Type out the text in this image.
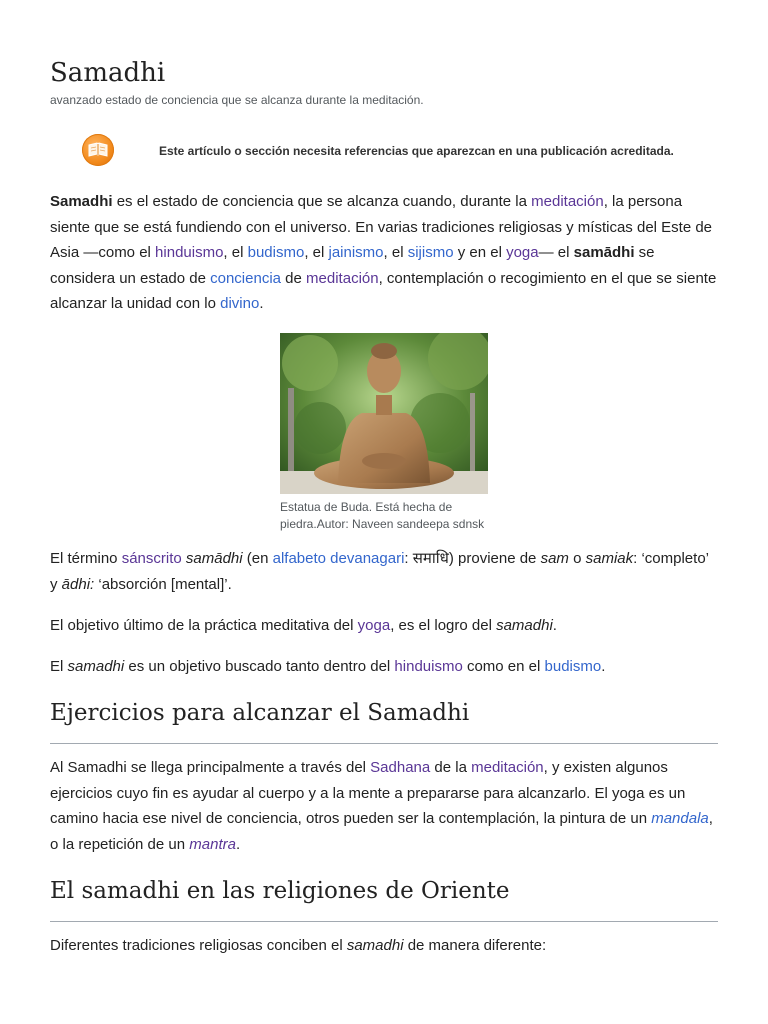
Samadhi
avanzado estado de conciencia que se alcanza durante la meditación.
Este artículo o sección necesita referencias que aparezcan en una publicación acreditada.

Samadhi es el estado de conciencia que se alcanza cuando, durante la meditación, la persona siente que se está fundiendo con el universo. En varias tradiciones religiosas y místicas del Este de Asia —como el hinduismo, el budismo, el jainismo, el sijismo y en el yoga— el samādhi se considera un estado de conciencia de meditación, contemplación o recogimiento en el que se siente alcanzar la unidad con lo divino.

Estatua de Buda. Está hecha de piedra.Autor: Naveen sandeepa sdnsk

El término sánscrito samādhi (en alfabeto devanagari: समाधि) proviene de sam o samiak: ‘completo’ y ādhi: ‘absorción [mental]’.

El objetivo último de la práctica meditativa del yoga, es el logro del samadhi.

El samadhi es un objetivo buscado tanto dentro del hinduismo como en el budismo.

Ejercicios para alcanzar el Samadhi

Al Samadhi se llega principalmente a través del Sadhana de la meditación, y existen algunos ejercicios cuyo fin es ayudar al cuerpo y a la mente a prepararse para alcanzarlo. El yoga es un camino hacia ese nivel de conciencia, otros pueden ser la contemplación, la pintura de un mandala, o la repetición de un mantra.

El samadhi en las religiones de Oriente

Diferentes tradiciones religiosas conciben el samadhi de manera diferente:
